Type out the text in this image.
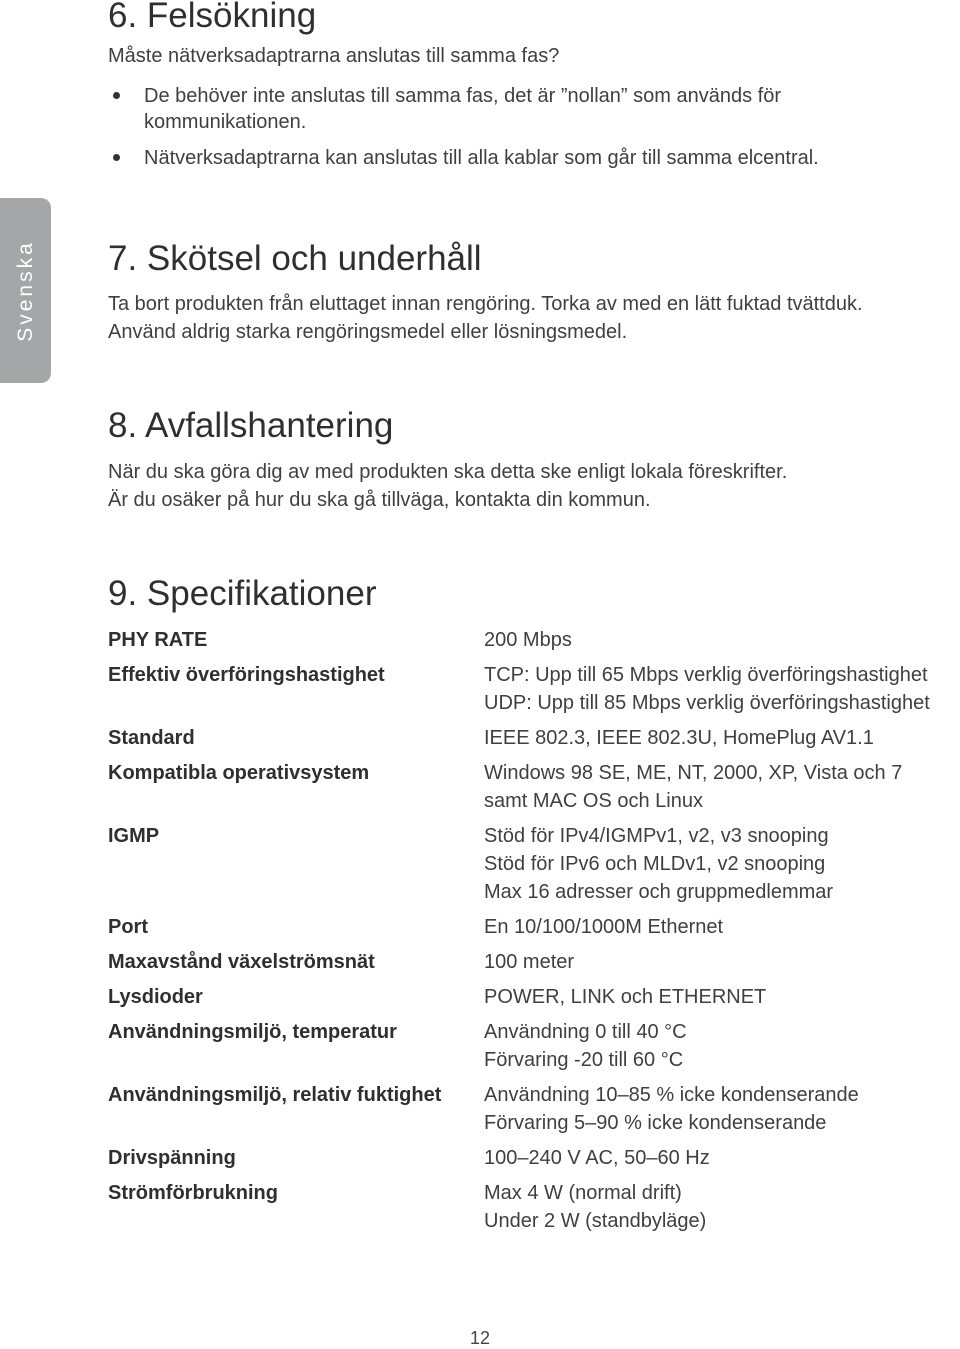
Svenska
6. Felsökning

Måste nätverksadaptrarna anslutas till samma fas?

De behöver inte anslutas till samma fas, det är ”nollan” som används för kommunikationen.
Nätverksadaptrarna kan anslutas till alla kablar som går till samma elcentral.
7. Skötsel och underhåll

Ta bort produkten från eluttaget innan rengöring. Torka av med en lätt fuktad tvättduk.

Använd aldrig starka rengöringsmedel eller lösningsmedel.

8. Avfallshantering

När du ska göra dig av med produkten ska detta ske enligt lokala föreskrifter.

Är du osäker på hur du ska gå tillväga, kontakta din kommun.

9. Specifikationer
PHY RATE	200 Mbps
Effektiv överföringshastighet	TCP: Upp till 65 Mbps verklig överföringshastighet
UDP: Upp till 85 Mbps verklig överföringshastighet
Standard	IEEE 802.3, IEEE 802.3U, HomePlug AV1.1
Kompatibla operativsystem	Windows 98 SE, ME, NT, 2000, XP, Vista och 7
samt MAC OS och Linux
IGMP	Stöd för IPv4/IGMPv1, v2, v3 snooping
Stöd för IPv6 och MLDv1, v2 snooping
Max 16 adresser och gruppmedlemmar
Port	En 10/100/1000M Ethernet
Maxavstånd växelströmsnät	100 meter
Lysdioder	POWER, LINK och ETHERNET
Användningsmiljö, temperatur	Användning 0 till 40 °C
Förvaring -20 till 60 °C
Användningsmiljö, relativ fuktighet	Användning 10–85 % icke kondenserande
Förvaring 5–90 % icke kondenserande
Drivspänning	100–240 V AC, 50–60 Hz
Strömförbrukning	Max 4 W (normal drift)
Under 2 W (standbyläge)
12
